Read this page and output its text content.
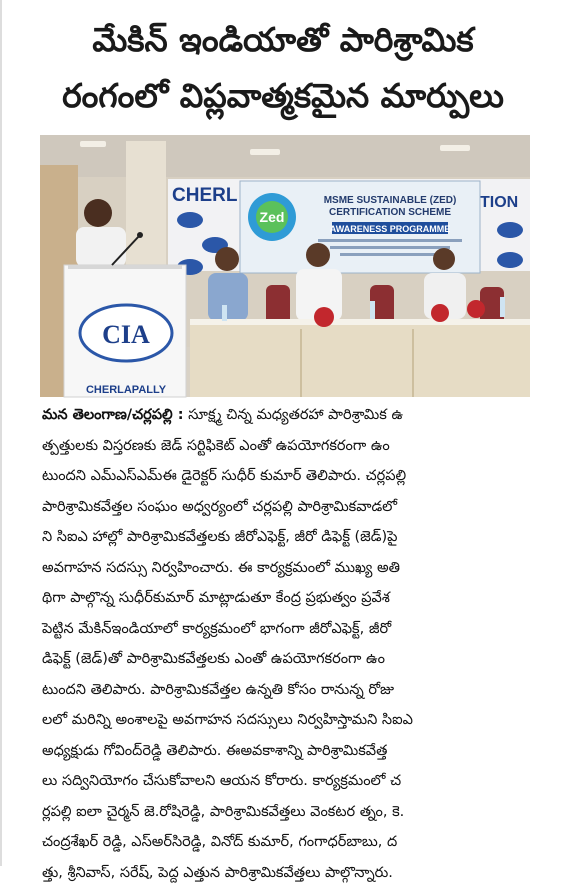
మేకిన్ ఇండియాతో పారిశ్రామిక
రంగంలో విప్లవాత్మకమైన మార్పులు
CHERL	TION
Zed
MSME SUSTAINABLE (ZED)
CERTIFICATION SCHEME
AWARENESS PROGRAMME
CIA
CHERLAPALLY
మన తెలంగాణ/చర్లపల్లి : సూక్ష్మ చిన్న మధ్యతరహా పారిశ్రామిక ఉ
త్పత్తులకు విస్తరణకు జెడ్ సర్టిఫికెట్ ఎంతో ఉపయోగకరంగా ఉం
టుందని ఎమ్ఎస్ఎమ్ఈ డైరెక్టర్ సుధీర్ కుమార్ తెలిపారు. చర్లపల్లి
పారిశ్రామికవేత్తల సంఘం అధ్వర్యంలో చర్లపల్లి పారిశ్రామికవాడలో
ని సిఐఎ హాల్లో పారిశ్రామికవేత్తలకు జీరోఎఫెక్ట్, జీరో డిఫెక్ట్ (జెడ్)పై
అవగాహన సదస్సు నిర్వహించారు. ఈ కార్యక్రమంలో ముఖ్య అతి
థిగా పాల్గొన్న సుధీర్‌కుమార్ మాట్లాడుతూ కేంద్ర ప్రభుత్వం ప్రవేశ
పెట్టిన మేకిన్‌ఇండియాలో కార్యక్రమంలో భాగంగా జీరోఎఫెక్ట్, జీరో
డిఫెక్ట్ (జెడ్)తో పారిశ్రామికవేత్తలకు ఎంతో ఉపయోగకరంగా ఉం
టుందని తెలిపారు. పారిశ్రామికవేత్తల ఉన్నతి కోసం రానున్న రోజు
లలో మరిన్ని అంశాలపై అవగాహన సదస్సులు నిర్వహిస్తామని సిఐఎ
అధ్యక్షుడు గోవింద్‌రెడ్డి తెలిపారు. ఈఅవకాశాన్ని పారిశ్రామికవేత్త
లు సద్వినియోగం చేసుకోవాలని ఆయన కోరారు. కార్యక్రమంలో చ
ర్లపల్లి ఐలా చైర్మన్ జె.రోషిరెడ్డి, పారిశ్రామికవేత్తలు వెంకటర త్నం, కె.
చంద్రశేఖర్ రెడ్డి, ఎస్అర్‌సిరెడ్డి, వినోద్ కుమార్, గంగాధర్‌బాబు, ద
త్తు, శ్రీనివాస్, సరేష్, పెద్ద ఎత్తున పారిశ్రామికవేత్తలు పాల్గొన్నారు.
